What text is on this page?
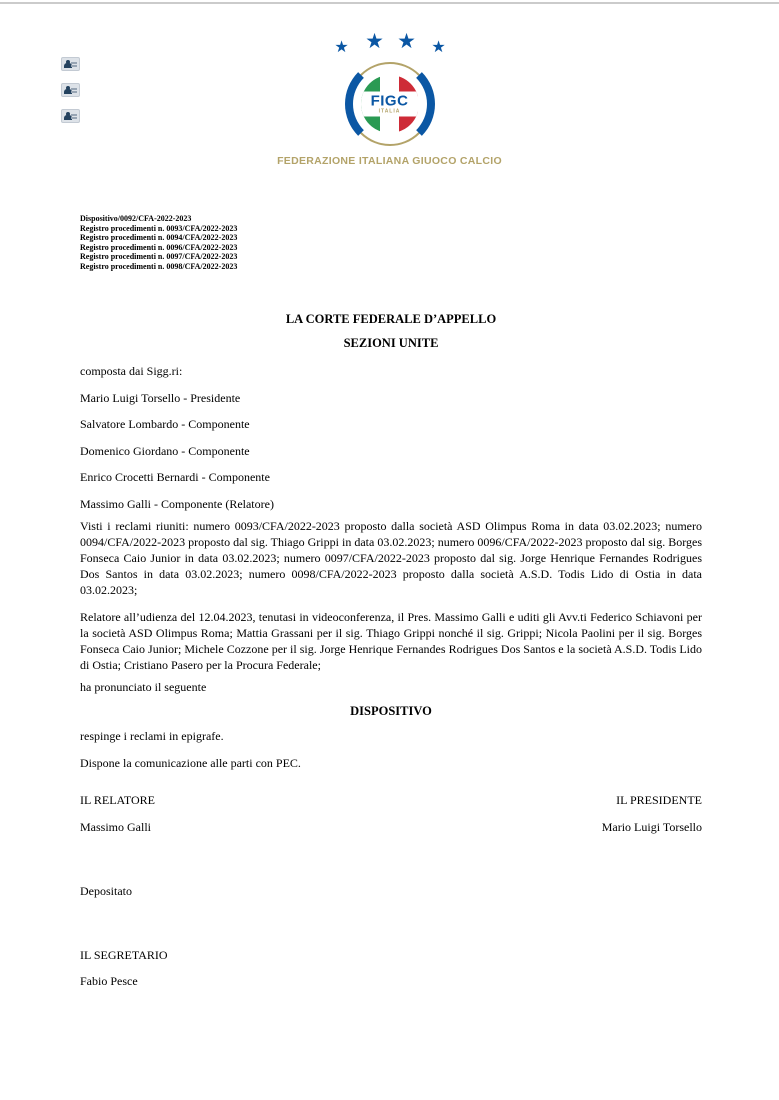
★ ★ ★ ★
FIGC
ITALIA
FEDERAZIONE ITALIANA GIUOCO CALCIO
Dispositivo/0092/CFA-2022-2023
Registro procedimenti n. 0093/CFA/2022-2023
Registro procedimenti n. 0094/CFA/2022-2023
Registro procedimenti n. 0096/CFA/2022-2023
Registro procedimenti n. 0097/CFA/2022-2023
Registro procedimenti n. 0098/CFA/2022-2023
LA CORTE FEDERALE D’APPELLO
SEZIONI UNITE
composta dai Sigg.ri:
Mario Luigi Torsello - Presidente
Salvatore Lombardo - Componente
Domenico Giordano - Componente
Enrico Crocetti Bernardi - Componente
Massimo Galli - Componente (Relatore)
Visti i reclami riuniti: numero 0093/CFA/2022-2023 proposto dalla società ASD Olimpus Roma in data 03.02.2023; numero 0094/CFA/2022-2023 proposto dal sig. Thiago Grippi in data 03.02.2023; numero 0096/CFA/2022-2023 proposto dal sig. Borges Fonseca Caio Junior in data 03.02.2023; numero 0097/CFA/2022-2023 proposto dal sig. Jorge Henrique Fernandes Rodrigues Dos Santos in data 03.02.2023; numero 0098/CFA/2022-2023 proposto dalla società A.S.D. Todis Lido di Ostia in data 03.02.2023;
Relatore all’udienza del 12.04.2023, tenutasi in videoconferenza, il Pres. Massimo Galli e uditi gli Avv.ti Federico Schiavoni per la società ASD Olimpus Roma; Mattia Grassani per il sig. Thiago Grippi nonché il sig. Grippi; Nicola Paolini per il sig. Borges Fonseca Caio Junior; Michele Cozzone per il sig. Jorge Henrique Fernandes Rodrigues Dos Santos e la società A.S.D. Todis Lido di Ostia; Cristiano Pasero per la Procura Federale;
ha pronunciato il seguente
DISPOSITIVO
respinge i reclami in epigrafe.
Dispone la comunicazione alle parti con PEC.
IL RELATORE	IL PRESIDENTE
Massimo Galli	Mario Luigi Torsello
Depositato
IL SEGRETARIO
Fabio Pesce
